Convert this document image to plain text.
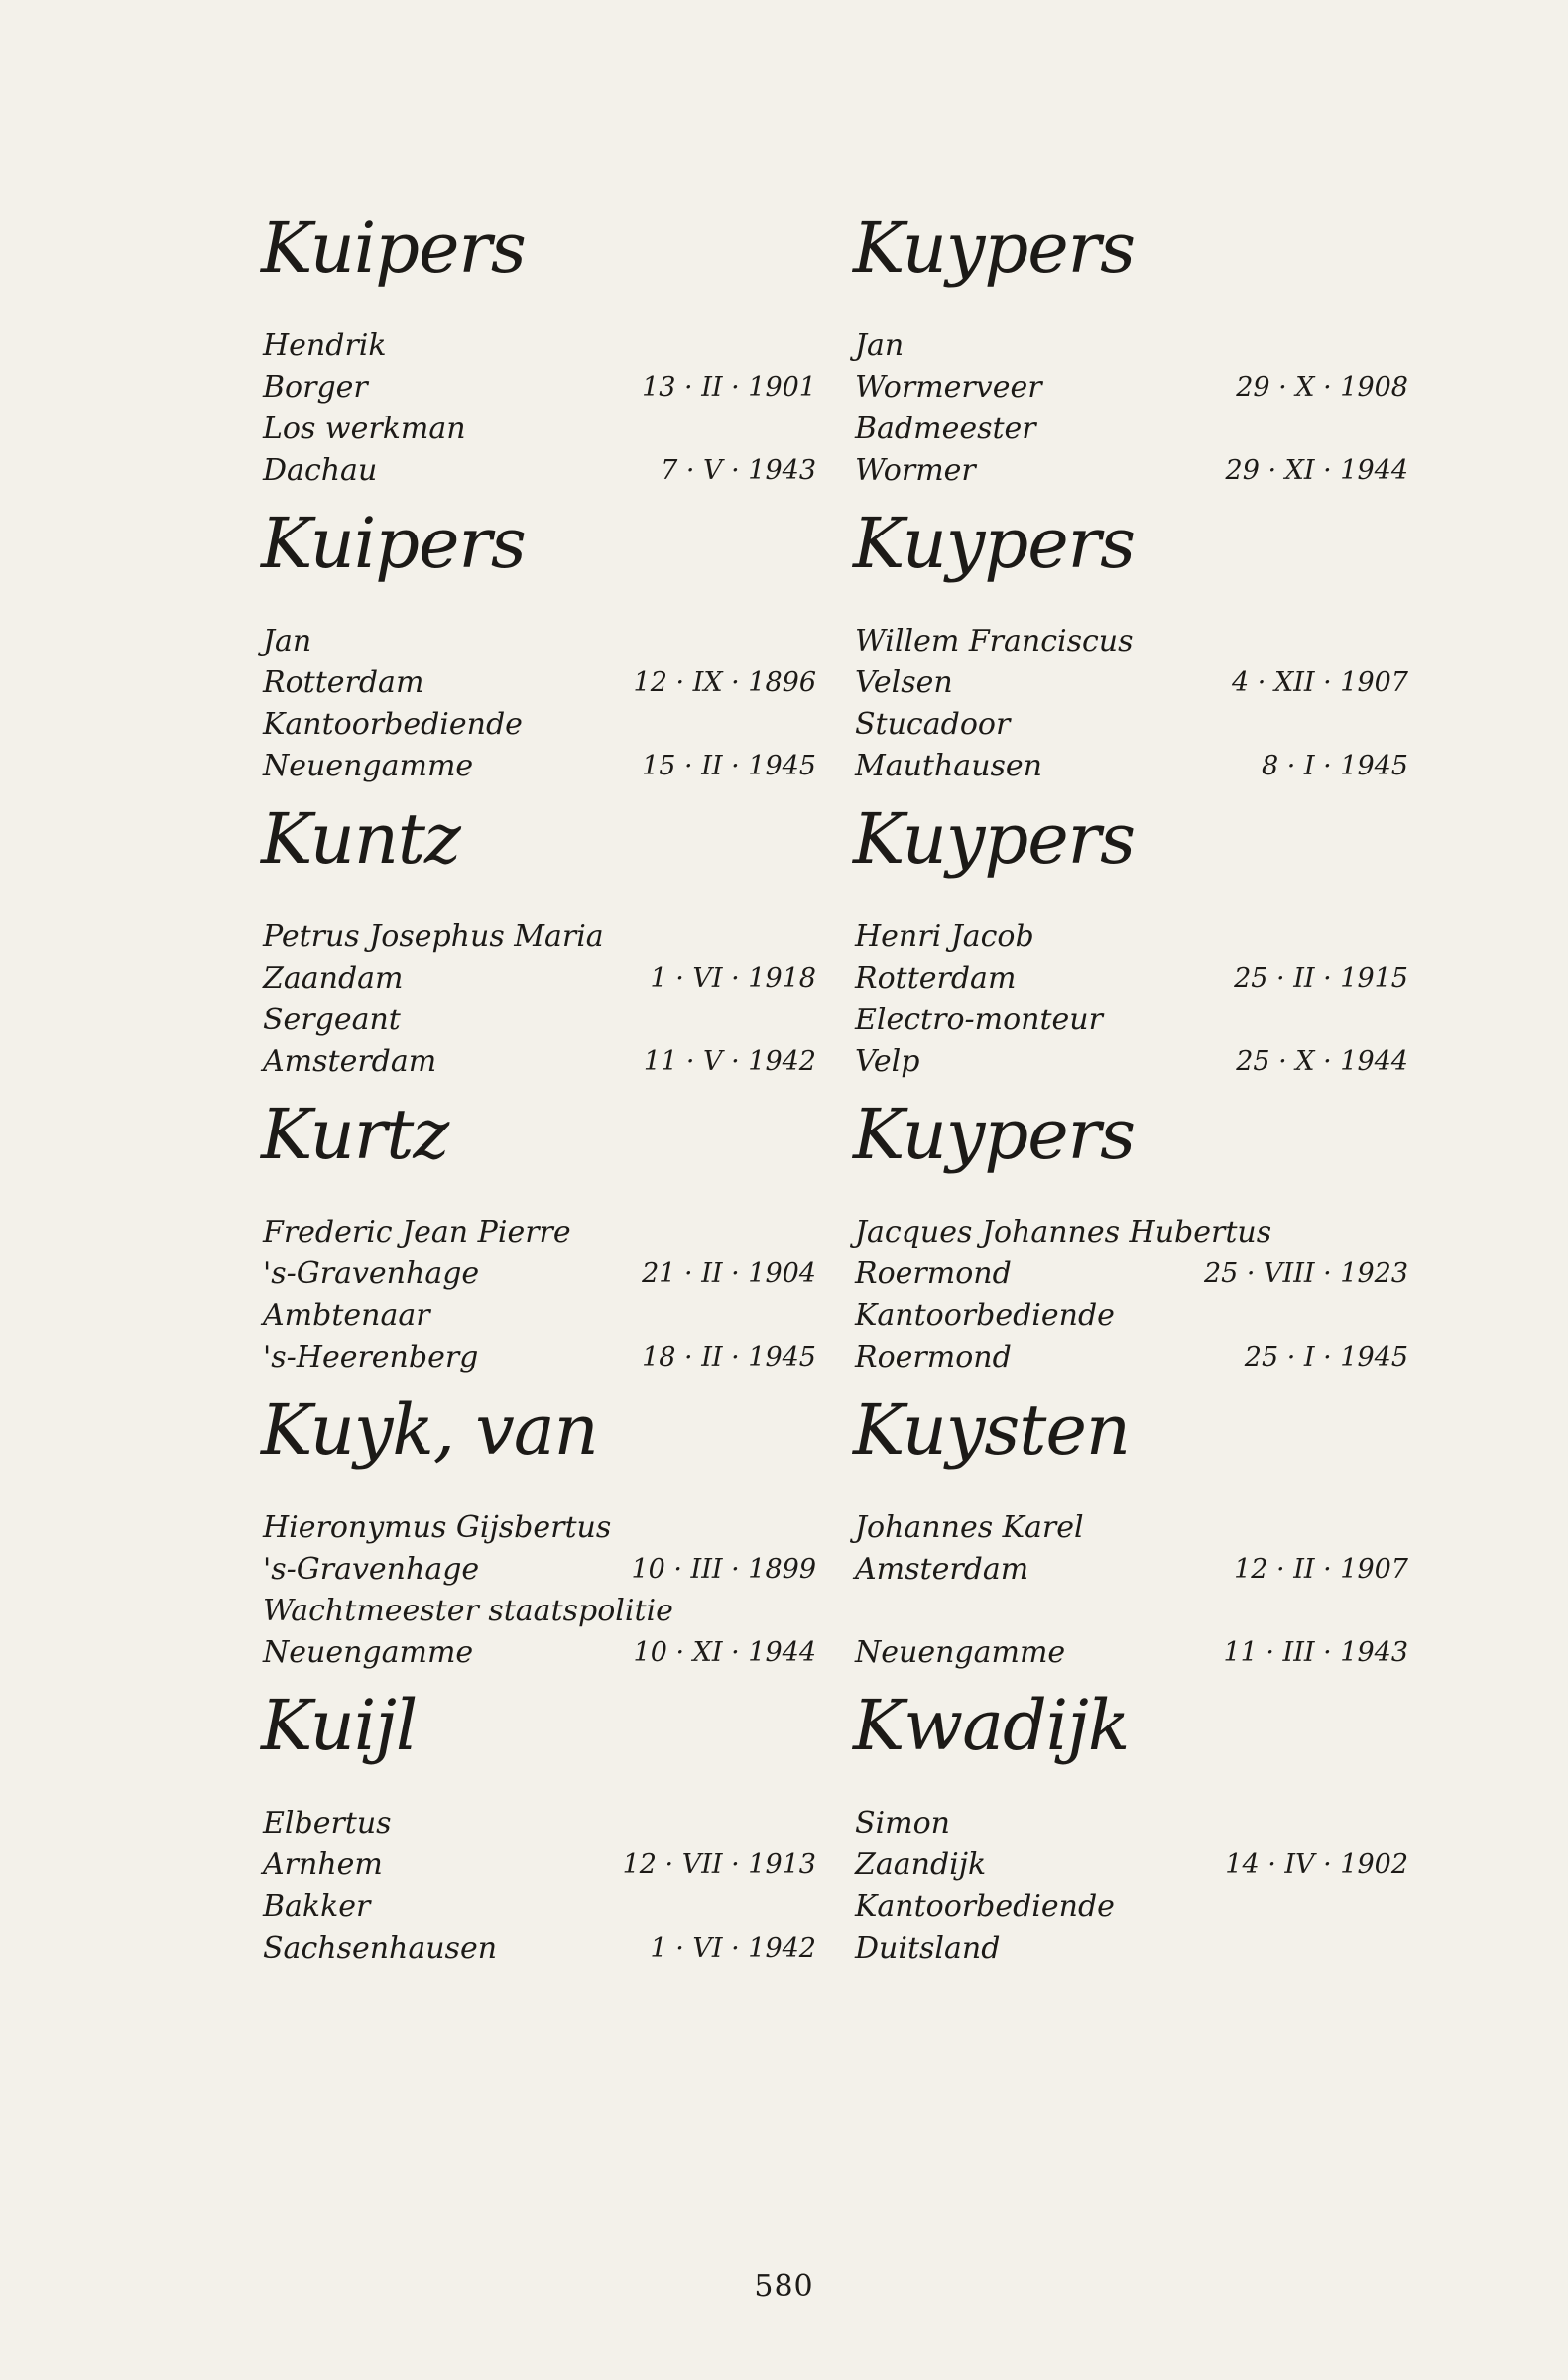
Kuipers
Hendrik
Borger	13 · II · 1901
Los werkman
Dachau	7 · V · 1943
Kuipers
Jan
Rotterdam	12 · IX · 1896
Kantoorbediende
Neuengamme	15 · II · 1945
Kuntz
Petrus Josephus Maria
Zaandam	1 · VI · 1918
Sergeant
Amsterdam	11 · V · 1942
Kurtz
Frederic Jean Pierre
's-Gravenhage	21 · II · 1904
Ambtenaar
's-Heerenberg	18 · II · 1945
Kuyk, van
Hieronymus Gijsbertus
's-Gravenhage	10 · III · 1899
Wachtmeester staatspolitie
Neuengamme	10 · XI · 1944
Kuijl
Elbertus
Arnhem	12 · VII · 1913
Bakker
Sachsenhausen	1 · VI · 1942
Kuypers
Jan
Wormerveer	29 · X · 1908
Badmeester
Wormer	29 · XI · 1944
Kuypers
Willem Franciscus
Velsen	4 · XII · 1907
Stucadoor
Mauthausen	8 · I · 1945
Kuypers
Henri Jacob
Rotterdam	25 · II · 1915
Electro-monteur
Velp	25 · X · 1944
Kuypers
Jacques Johannes Hubertus
Roermond	25 · VIII · 1923
Kantoorbediende
Roermond	25 · I · 1945
Kuysten
Johannes Karel
Amsterdam	12 · II · 1907
Neuengamme	11 · III · 1943
Kwadijk
Simon
Zaandijk	14 · IV · 1902
Kantoorbediende
Duitsland
580
